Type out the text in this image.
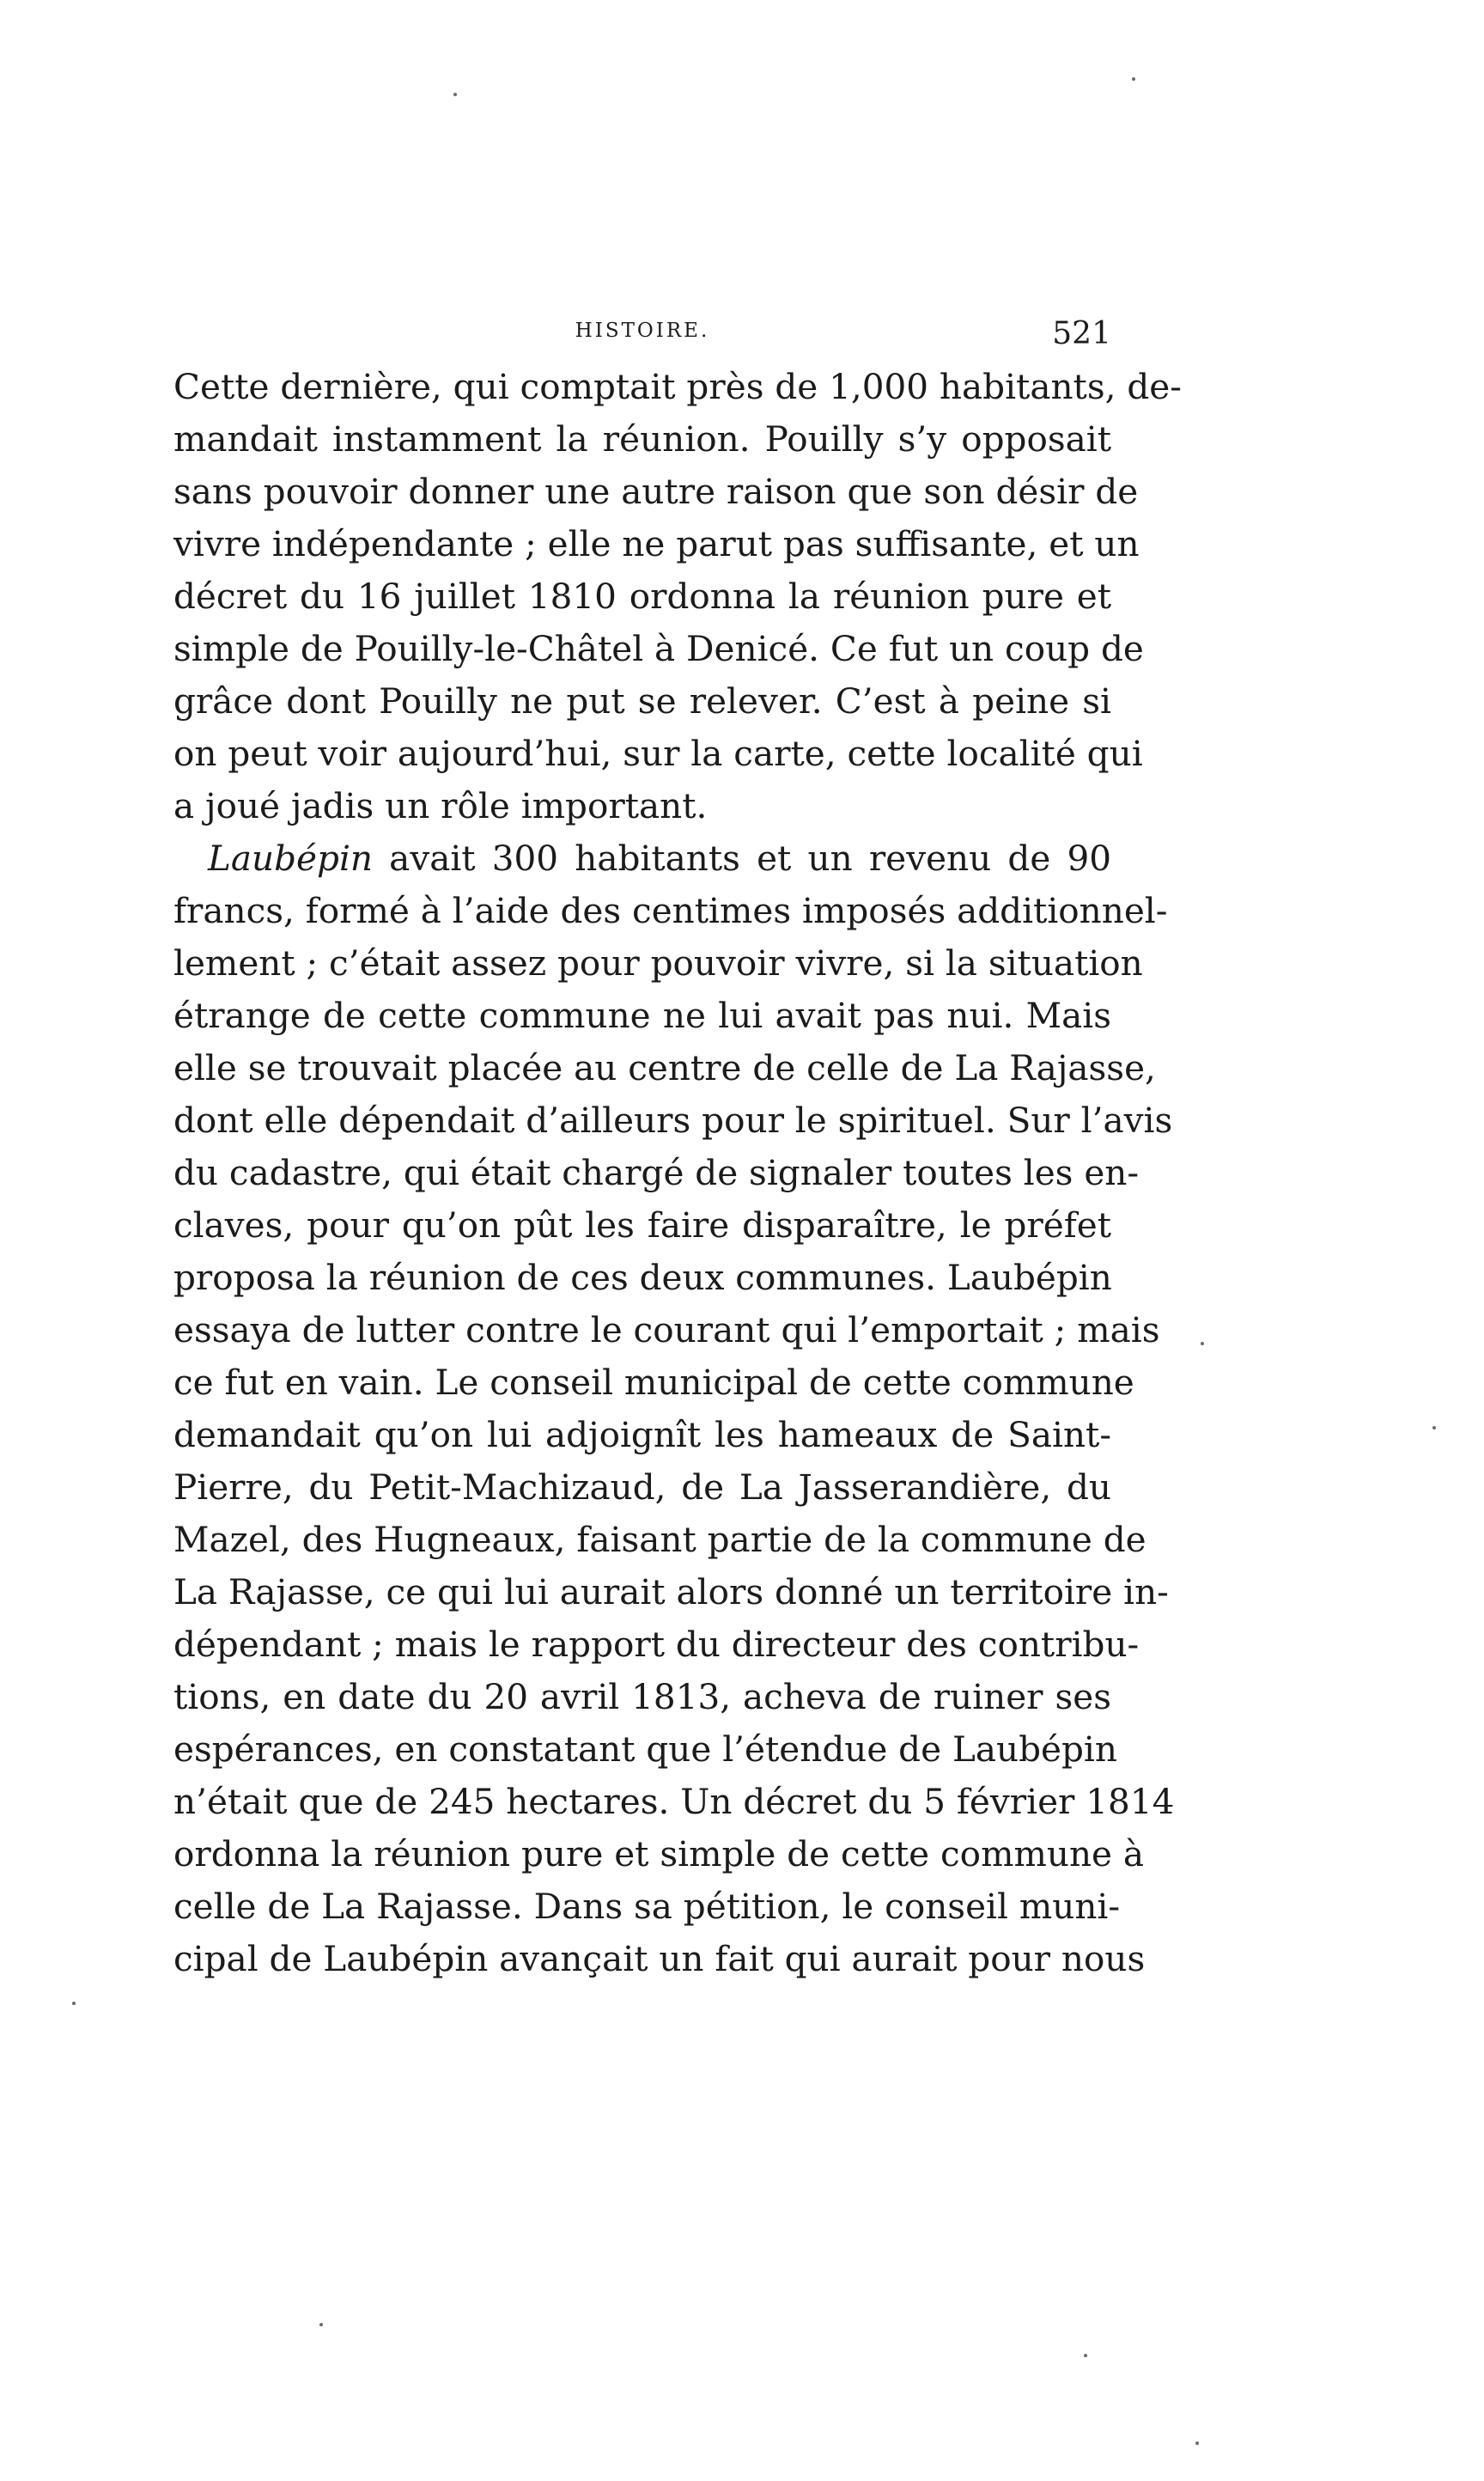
HISTOIRE.	521
Cette dernière, qui comptait près de 1,000 habitants, de-
mandait instamment la réunion. Pouilly s’y opposait
sans pouvoir donner une autre raison que son désir de
vivre indépendante ; elle ne parut pas suffisante, et un
décret du 16 juillet 1810 ordonna la réunion pure et
simple de Pouilly-le-Châtel à Denicé. Ce fut un coup de
grâce dont Pouilly ne put se relever. C’est à peine si
on peut voir aujourd’hui, sur la carte, cette localité qui
a joué jadis un rôle important.
Laubépin avait 300 habitants et un revenu de 90
francs, formé à l’aide des centimes imposés additionnel-
lement ; c’était assez pour pouvoir vivre, si la situation
étrange de cette commune ne lui avait pas nui. Mais
elle se trouvait placée au centre de celle de La Rajasse,
dont elle dépendait d’ailleurs pour le spirituel. Sur l’avis
du cadastre, qui était chargé de signaler toutes les en-
claves, pour qu’on pût les faire disparaître, le préfet
proposa la réunion de ces deux communes. Laubépin
essaya de lutter contre le courant qui l’emportait ; mais
ce fut en vain. Le conseil municipal de cette commune
demandait qu’on lui adjoignît les hameaux de Saint-
Pierre, du Petit-Machizaud, de La Jasserandière, du
Mazel, des Hugneaux, faisant partie de la commune de
La Rajasse, ce qui lui aurait alors donné un territoire in-
dépendant ; mais le rapport du directeur des contribu-
tions, en date du 20 avril 1813, acheva de ruiner ses
espérances, en constatant que l’étendue de Laubépin
n’était que de 245 hectares. Un décret du 5 février 1814
ordonna la réunion pure et simple de cette commune à
celle de La Rajasse. Dans sa pétition, le conseil muni-
cipal de Laubépin avançait un fait qui aurait pour nous
